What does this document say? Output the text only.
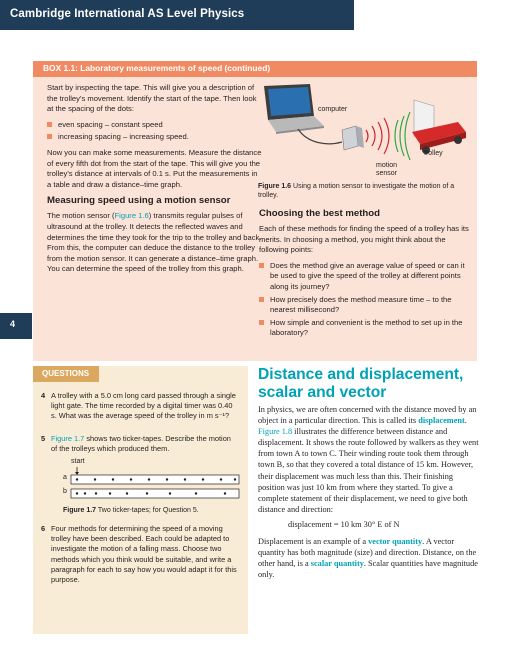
Cambridge International AS Level Physics
4
BOX 1.1: Laboratory measurements of speed (continued)

Start by inspecting the tape. This will give you a description of the trolley’s movement. Identify the start of the tape. Then look at the spacing of the dots:

even spacing – constant speed
increasing spacing – increasing speed.

Now you can make some measurements. Measure the distance of every fifth dot from the start of the tape. This will give you the trolley’s distance at intervals of 0.1 s. Put the measurements in a table and draw a distance–time graph.

Measuring speed using a motion sensor

The motion sensor (Figure 1.6) transmits regular pulses of ultrasound at the trolley. It detects the reflected waves and determines the time they took for the trip to the trolley and back. From this, the computer can deduce the distance to the trolley from the motion sensor. It can generate a distance–time graph. You can determine the speed of the trolley from this graph.

Choosing the best method

Each of these methods for finding the speed of a trolley has its merits. In choosing a method, you might think about the following points:

Does the method give an average value of speed or can it be used to give the speed of the trolley at different points along its journey?
How precisely does the method measure time – to the nearest millisecond?
How simple and convenient is the method to set up in the laboratory?
computer
trolley
motion
sensor
Figure 1.6 Using a motion sensor to investigate the motion of a trolley.
QUESTIONS
4 A trolley with a 5.0 cm long card passed through a single light gate. The time recorded by a digital timer was 0.40 s. What was the average speed of the trolley in m s⁻¹?
5 Figure 1.7 shows two ticker-tapes. Describe the motion of the trolleys which produced them.
start
a
b
Figure 1.7 Two ticker-tapes; for Question 5.
6 Four methods for determining the speed of a moving trolley have been described. Each could be adapted to investigate the motion of a falling mass. Choose two methods which you think would be suitable, and write a paragraph for each to say how you would adapt it for this purpose.
Distance and displacement, scalar and vector

In physics, we are often concerned with the distance moved by an object in a particular direction. This is called its displacement. Figure 1.8 illustrates the difference between distance and displacement. It shows the route followed by walkers as they went from town A to town C. Their winding route took them through town B, so that they covered a total distance of 15 km. However, their displacement was much less than this. Their finishing position was just 10 km from where they started. To give a complete statement of their displacement, we need to give both distance and direction:

displacement = 10 km 30° E of N

Displacement is an example of a vector quantity. A vector quantity has both magnitude (size) and direction. Distance, on the other hand, is a scalar quantity. Scalar quantities have magnitude only.
